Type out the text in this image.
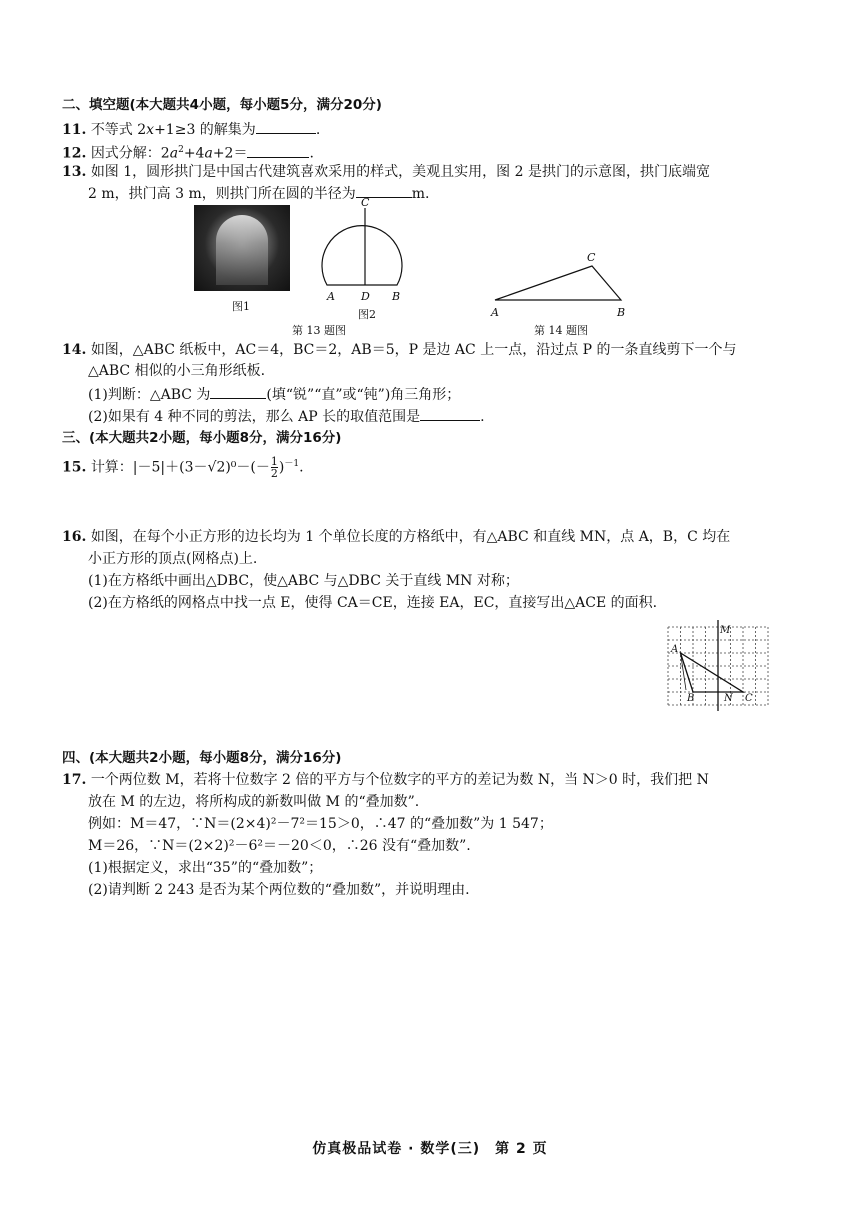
二、填空题(本大题共4小题，每小题5分，满分20分)
11. 不等式 2x+1≥3 的解集为	.
12. 因式分解：$2a^2+4a+2=$	.
13. 如图 1，圆形拱门是中国古代建筑喜欢采用的样式，美观且实用，图 2 是拱门的示意图，拱门底端宽
2 m，拱门高 3 m，则拱门所在圆的半径为	m.
图1
C
A D B
图2
第 13 题图
C
A	B
第 14 题图
14. 如图，△ABC 纸板中，AC＝4，BC＝2，AB＝5，P 是边 AC 上一点，沿过点 P 的一条直线剪下一个与
△ABC 相似的小三角形纸板.
(1)判断：△ABC 为	(填“锐”“直”或“钝”)角三角形；
(2)如果有 4 种不同的剪法，那么 AP 长的取值范围是	.
三、(本大题共2小题，每小题8分，满分16分)
15. 计算：$|-5|+(3-√2)^0-(- \frac{1}{2} )^{-1}$.
16. 如图，在每个小正方形的边长均为 1 个单位长度的方格纸中，有△ABC 和直线 MN，点 A，B，C 均在
小正方形的顶点(网格点)上.
(1)在方格纸中画出△DBC，使△ABC 与△DBC 关于直线 MN 对称；
(2)在方格纸的网格点中找一点 E，使得 CA＝CE，连接 EA，EC，直接写出△ACE 的面积.
M
A
B	N C
四、(本大题共2小题，每小题8分，满分16分)
17. 一个两位数 M，若将十位数字 2 倍的平方与个位数字的平方的差记为数 N，当 N＞0 时，我们把 N
放在 M 的左边，将所构成的新数叫做 M 的“叠加数”.
例如：M＝47，∵N＝(2×4)²－7²＝15＞0，∴47 的“叠加数”为 1 547；
M＝26，∵N＝(2×2)²－6²＝－20＜0，∴26 没有“叠加数”.
(1)根据定义，求出“35”的“叠加数”；
(2)请判断 2 243 是否为某个两位数的“叠加数”，并说明理由.
仿真极品试卷 · 数学(三)　第 2 页
